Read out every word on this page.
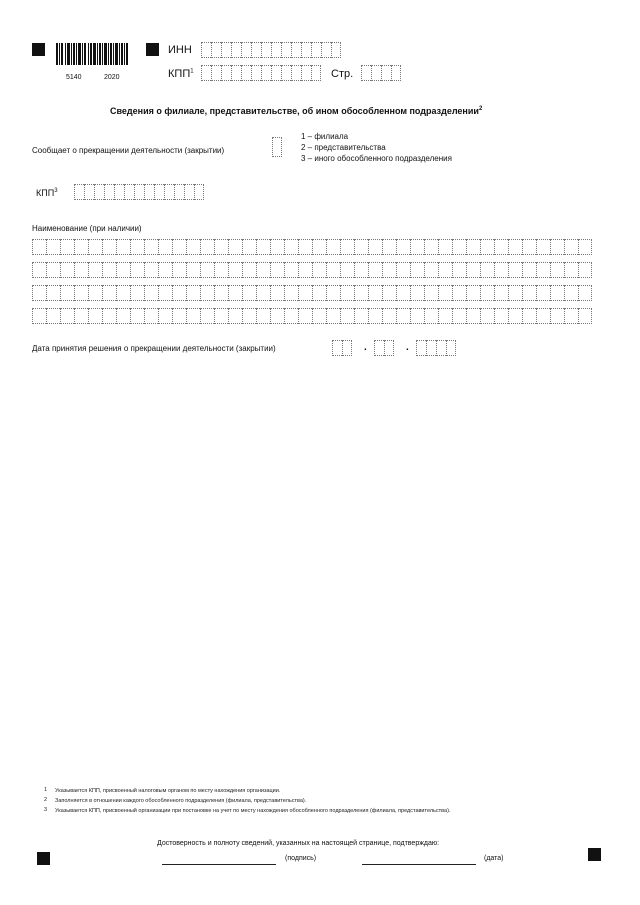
5140	2020
ИНН
КПП$^1$	Стр.
Сведения о филиале, представительстве, об ином обособленном подразделении$^2$
Сообщает о прекращении деятельности (закрытии)
1 – филиала
2 – представительства
3 – иного обособленного подразделения
КПП$^3$
Наименование (при наличии)
Дата принятия решения о прекращении деятельности (закрытии)	.	.
1 Указывается КПП, присвоенный налоговым органом по месту нахождения организации.
2 Заполняется в отношении каждого обособленного подразделения (филиала, представительства).
3 Указывается КПП, присвоенный организации при постановке на учет по месту нахождения обособленного подразделения (филиала, представительства).
Достоверность и полноту сведений, указанных на настоящей странице, подтверждаю:
(подпись)	(дата)
